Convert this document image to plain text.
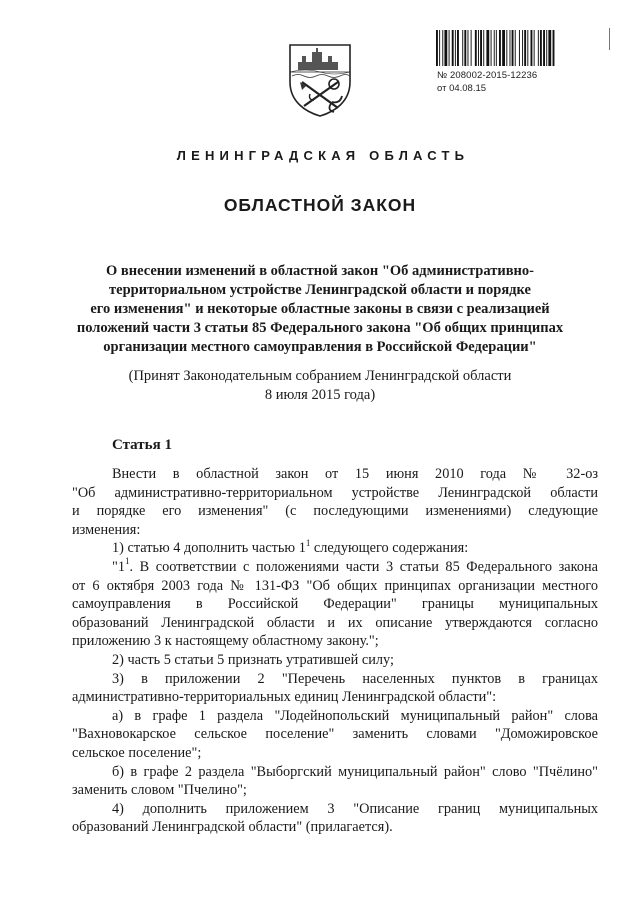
№ 208002-2015-12236
от 04.08.15
ЛЕНИНГРАДСКАЯ ОБЛАСТЬ
ОБЛАСТНОЙ ЗАКОН
О внесении изменений в областной закон "Об административно-
территориальном устройстве Ленинградской области и порядке
его изменения" и некоторые областные законы в связи с реализацией
положений части 3 статьи 85 Федерального закона "Об общих принципах
организации местного самоуправления в Российской Федерации"
(Принят Законодательным собранием Ленинградской области
8 июля 2015 года)
Статья 1
Внести в областной закон от 15 июня 2010 года № 32-оз
"Об административно-территориальном устройстве Ленинградской области
и порядке его изменения" (с последующими изменениями) следующие
изменения:
1) статью 4 дополнить частью $1^1$ следующего содержания:
"$1^1$. В соответствии с положениями части 3 статьи 85 Федерального закона
от 6 октября 2003 года № 131-ФЗ "Об общих принципах организации местного
самоуправления в Российской Федерации" границы муниципальных
образований Ленинградской области и их описание утверждаются согласно
приложению 3 к настоящему областному закону.";
2) часть 5 статьи 5 признать утратившей силу;
3) в приложении 2 "Перечень населенных пунктов в границах
административно-территориальных единиц Ленинградской области":
а) в графе 1 раздела "Лодейнопольский муниципальный район" слова
"Вахновокарское сельское поселение" заменить словами "Доможировское
сельское поселение";
б) в графе 2 раздела "Выборгский муниципальный район" слово "Пчёлино"
заменить словом "Пчелино";
4) дополнить приложением 3 "Описание границ муниципальных
образований Ленинградской области" (прилагается).
